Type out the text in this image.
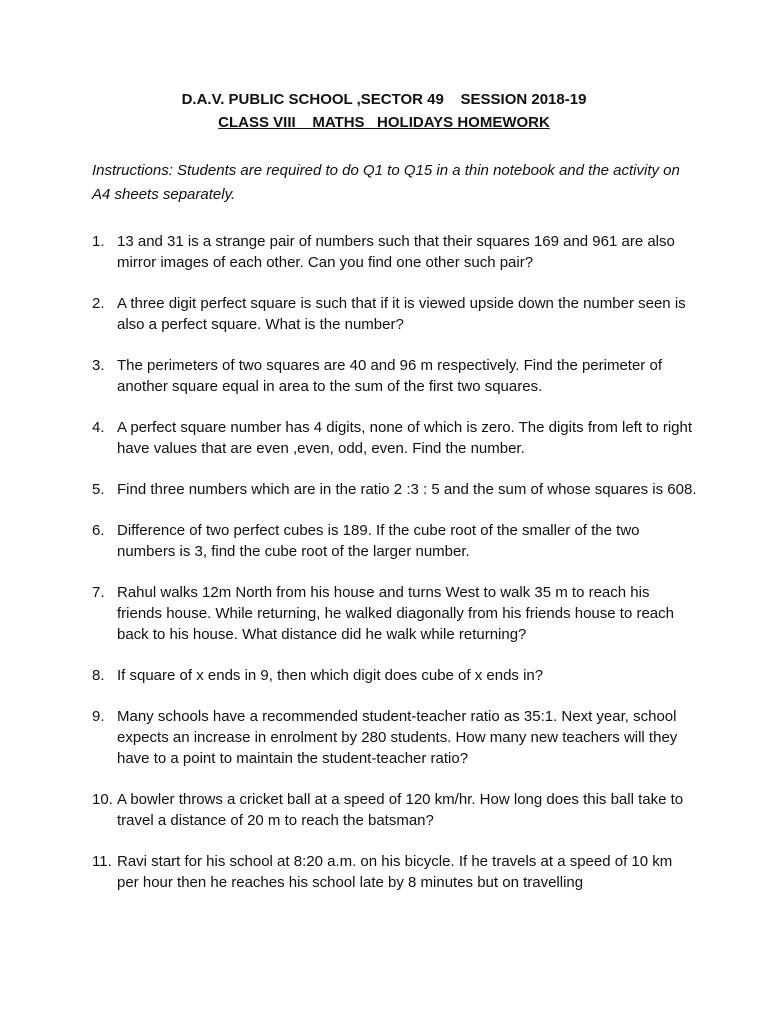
D.A.V. PUBLIC SCHOOL ,SECTOR 49    SESSION 2018-19
CLASS VIII    MATHS   HOLIDAYS HOMEWORK
Instructions: Students are required to do Q1 to Q15 in a thin notebook and the activity on A4 sheets separately.
1. 13 and 31 is a strange pair of numbers such that their squares 169 and 961 are also mirror images of each other. Can you find one other such pair?
2. A three digit perfect square is such that if it is viewed upside down the number seen is also a perfect square. What is the number?
3. The perimeters of two squares are 40 and 96 m respectively. Find the perimeter of another square equal in area to the sum of the first two squares.
4. A perfect square number has 4 digits, none of which is zero. The digits from left to right have values that are even ,even, odd, even. Find the number.
5. Find three numbers which are in the ratio 2 :3 : 5 and the sum of whose squares is 608.
6. Difference of two perfect cubes is 189. If the cube root of the smaller of the two numbers is 3, find the cube root of the larger number.
7. Rahul walks 12m North from his house and turns West to walk 35 m to reach his friends house. While returning, he walked diagonally from his friends house to reach back to his house. What distance did he walk while returning?
8. If square of x ends in 9, then which digit does cube of x ends in?
9. Many schools have a recommended student-teacher ratio as 35:1. Next year, school expects an increase in enrolment by 280 students. How many new teachers will they have to a point to maintain the student-teacher ratio?
10. A bowler throws a cricket ball at a speed of 120 km/hr. How long does this ball take to travel a distance of 20 m to reach the batsman?
11. Ravi start for his school at 8:20 a.m. on his bicycle. If he travels at a speed of 10 km per hour then he reaches his school late by 8 minutes but on travelling
